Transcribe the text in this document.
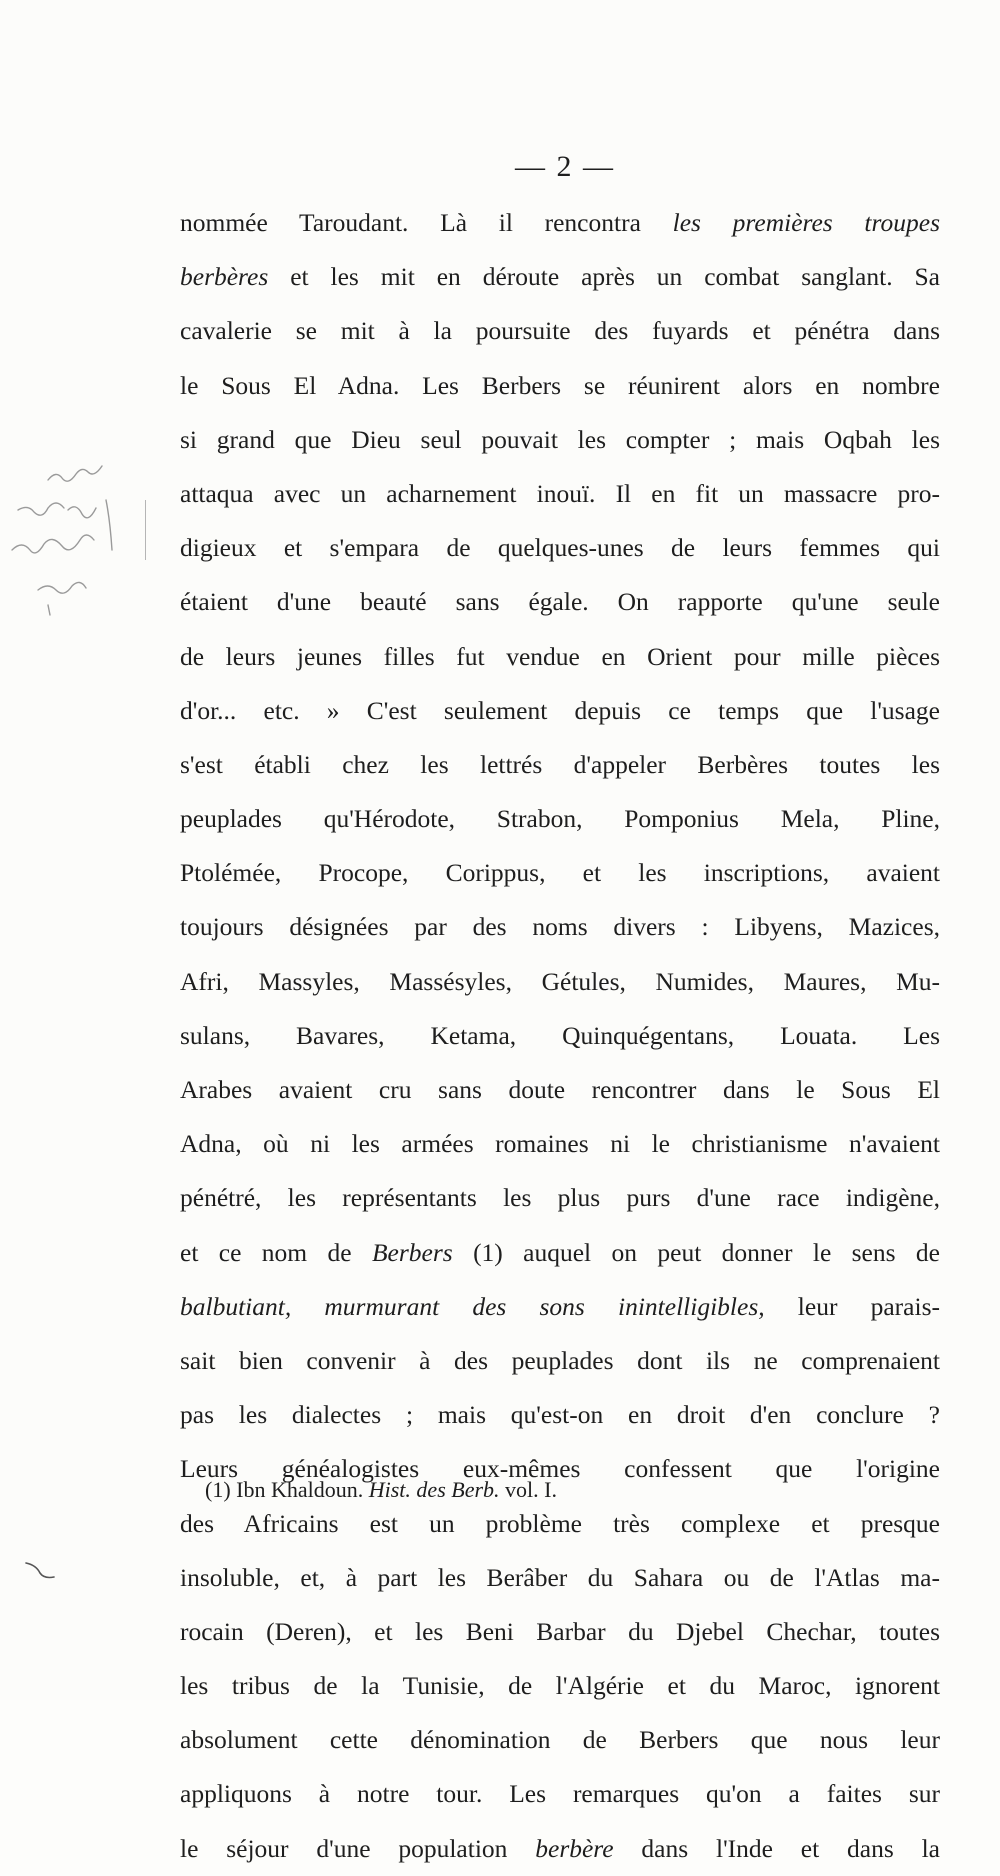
— 2 —
nommée Taroudant. Là il rencontra les premières troupes
berbères et les mit en déroute après un combat sanglant. Sa
cavalerie se mit à la poursuite des fuyards et pénétra dans
le Sous El Adna. Les Berbers se réunirent alors en nombre
si grand que Dieu seul pouvait les compter ; mais Oqbah les
attaqua avec un acharnement inouï. Il en fit un massacre pro-
digieux et s'empara de quelques-unes de leurs femmes qui
étaient d'une beauté sans égale. On rapporte qu'une seule
de leurs jeunes filles fut vendue en Orient pour mille pièces
d'or... etc. » C'est seulement depuis ce temps que l'usage
s'est établi chez les lettrés d'appeler Berbères toutes les
peuplades qu'Hérodote, Strabon, Pomponius Mela, Pline,
Ptolémée, Procope, Corippus, et les inscriptions, avaient
toujours désignées par des noms divers : Libyens, Mazices,
Afri, Massyles, Massésyles, Gétules, Numides, Maures, Mu-
sulans, Bavares, Ketama, Quinquégentans, Louata. Les
Arabes avaient cru sans doute rencontrer dans le Sous El
Adna, où ni les armées romaines ni le christianisme n'avaient
pénétré, les représentants les plus purs d'une race indigène,
et ce nom de Berbers (1) auquel on peut donner le sens de
balbutiant, murmurant des sons inintelligibles, leur parais-
sait bien convenir à des peuplades dont ils ne comprenaient
pas les dialectes ; mais qu'est-on en droit d'en conclure ?
Leurs généalogistes eux-mêmes confessent que l'origine
des Africains est un problème très complexe et presque
insoluble, et, à part les Berâber du Sahara ou de l'Atlas ma-
rocain (Deren), et les Beni Barbar du Djebel Chechar, toutes
les tribus de la Tunisie, de l'Algérie et du Maroc, ignorent
absolument cette dénomination de Berbers que nous leur
appliquons à notre tour. Les remarques qu'on a faites sur
le séjour d'une population berbère dans l'Inde et dans la
(1) Ibn Khaldoun. Hist. des Berb. vol. I.
